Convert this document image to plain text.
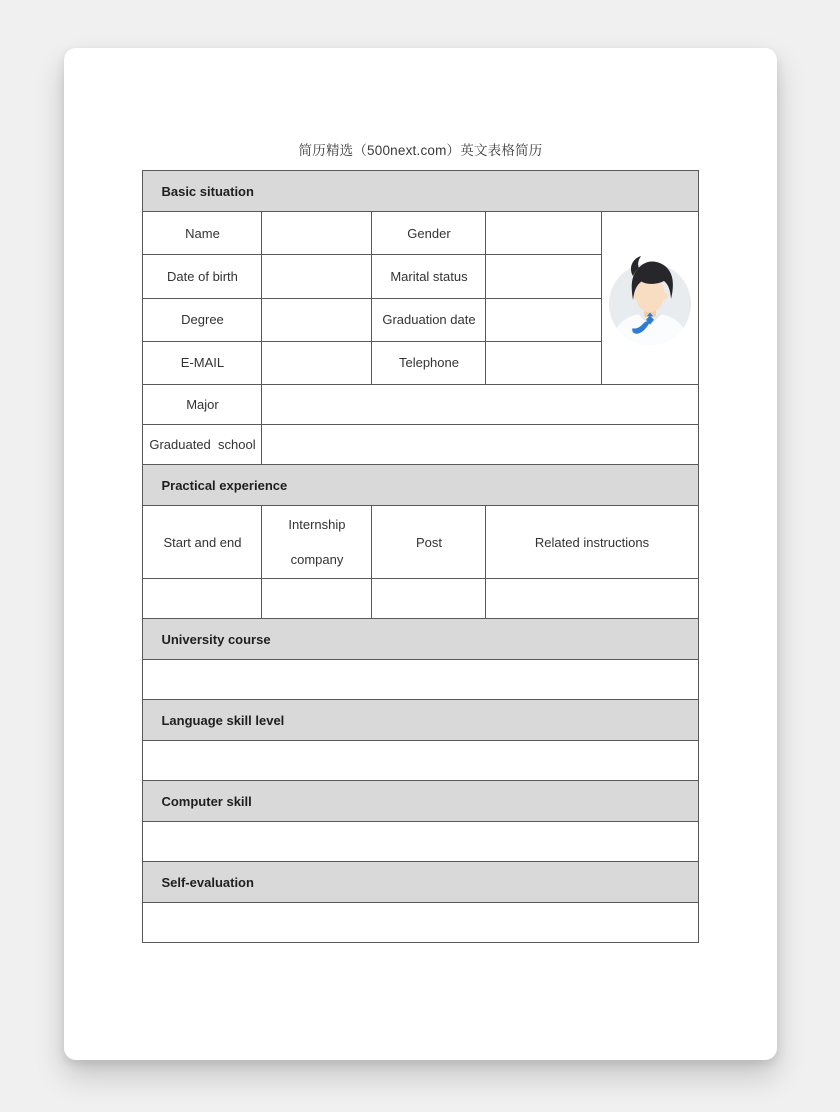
简历精选（500next.com）英文表格简历
Basic situation				
Name		Gender		

Date of birth		Marital status		
Degree		Graduation date		
E-MAIL		Telephone		
Major				
Graduated  school				
Practical experience				
Start and end	Internship company	Post	Related instructions	

University course				

Language skill level				

Computer skill				

Self-evaluation				
